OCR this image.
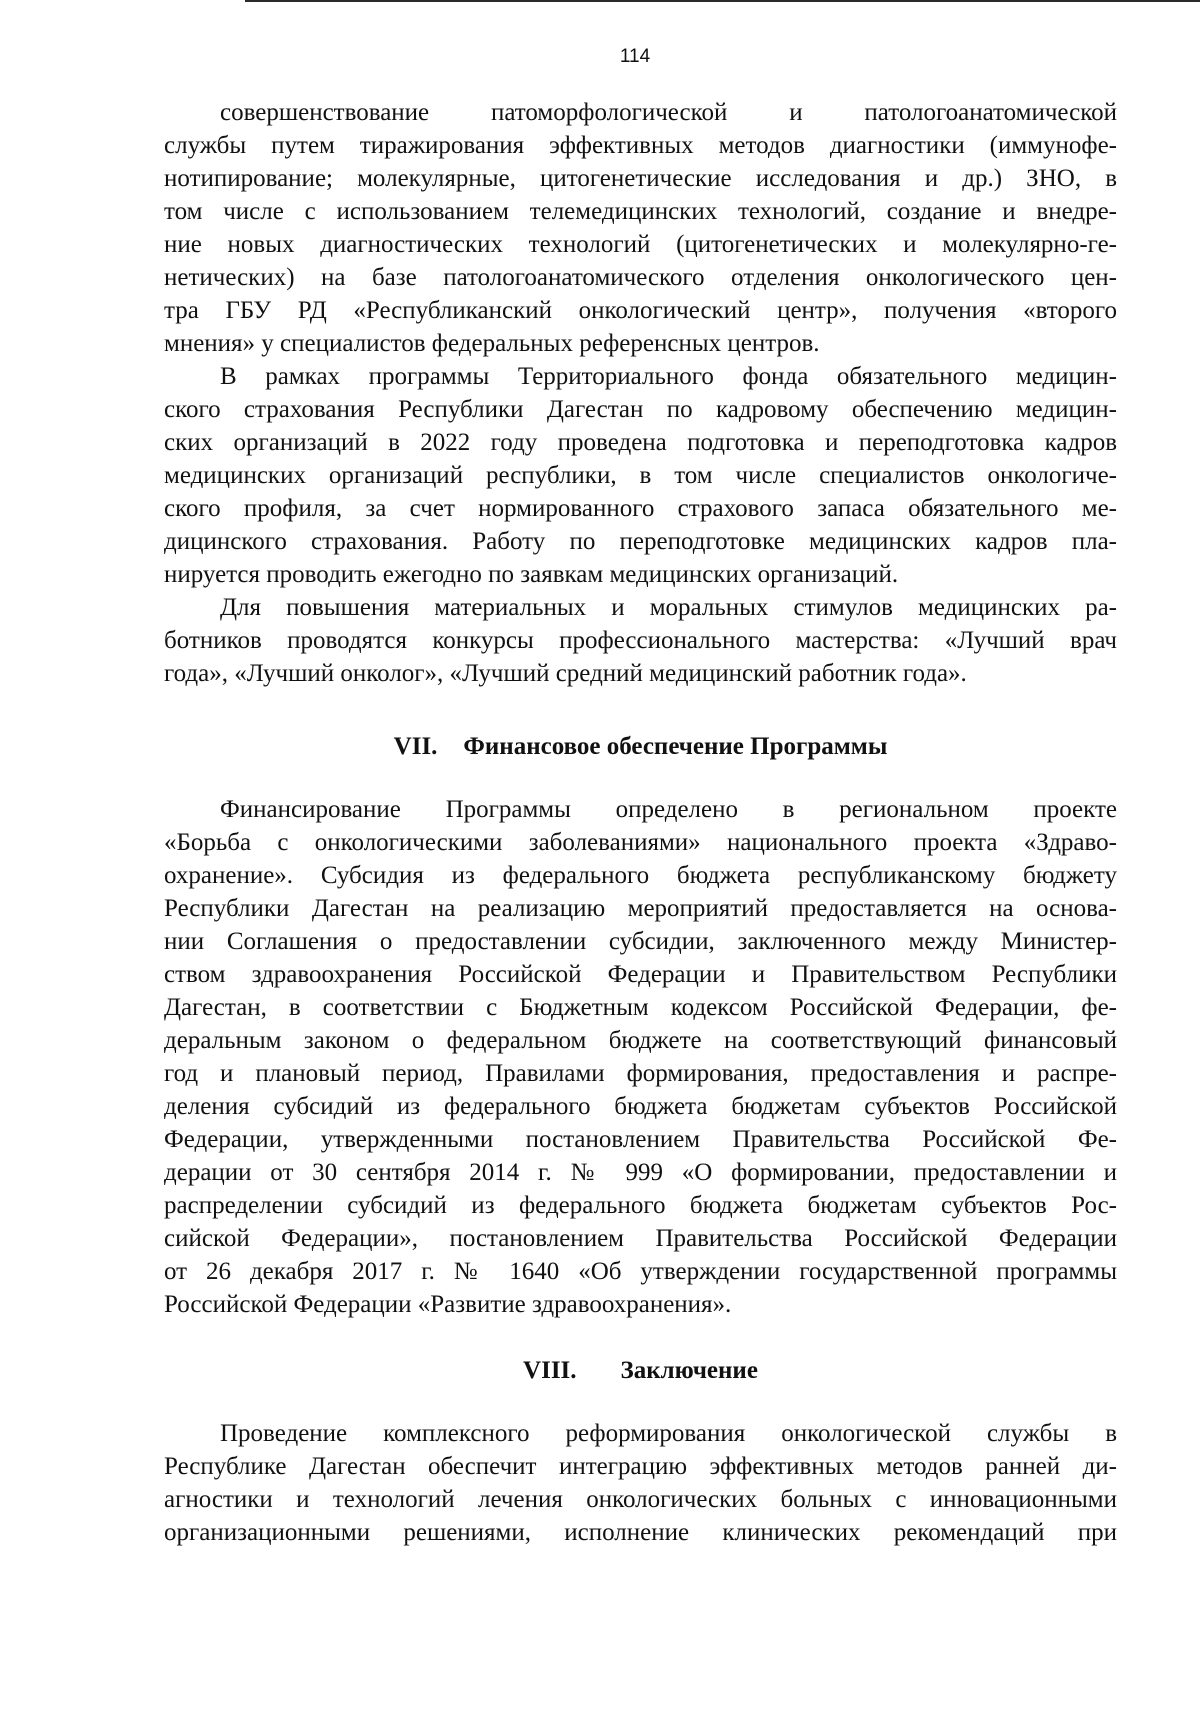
114
совершенствование патоморфологической и патологоанатомической
службы путем тиражирования эффективных методов диагностики (иммунофе-
нотипирование; молекулярные, цитогенетические исследования и др.) ЗНО, в
том числе с использованием телемедицинских технологий, создание и внедре-
ние новых диагностических технологий (цитогенетических и молекулярно-ге-
нетических) на базе патологоанатомического отделения онкологического цен-
тра ГБУ РД «Республиканский онкологический центр», получения «второго
мнения» у специалистов федеральных референсных центров.
В рамках программы Территориального фонда обязательного медицин-
ского страхования Республики Дагестан по кадровому обеспечению медицин-
ских организаций в 2022 году проведена подготовка и переподготовка кадров
медицинских организаций республики, в том числе специалистов онкологиче-
ского профиля, за счет нормированного страхового запаса обязательного ме-
дицинского страхования. Работу по переподготовке медицинских кадров пла-
нируется проводить ежегодно по заявкам медицинских организаций.
Для повышения материальных и моральных стимулов медицинских ра-
ботников проводятся конкурсы профессионального мастерства: «Лучший врач
года», «Лучший онколог», «Лучший средний медицинский работник года».
VII. Финансовое обеспечение Программы
Финансирование Программы определено в региональном проекте
«Борьба с онкологическими заболеваниями» национального проекта «Здраво-
охранение». Субсидия из федерального бюджета республиканскому бюджету
Республики Дагестан на реализацию мероприятий предоставляется на основа-
нии Соглашения о предоставлении субсидии, заключенного между Министер-
ством здравоохранения Российской Федерации и Правительством Республики
Дагестан, в соответствии с Бюджетным кодексом Российской Федерации, фе-
деральным законом о федеральном бюджете на соответствующий финансовый
год и плановый период, Правилами формирования, предоставления и распре-
деления субсидий из федерального бюджета бюджетам субъектов Российской
Федерации, утвержденными постановлением Правительства Российской Фе-
дерации от 30 сентября 2014 г. № 999 «О формировании, предоставлении и
распределении субсидий из федерального бюджета бюджетам субъектов Рос-
сийской Федерации», постановлением Правительства Российской Федерации
от 26 декабря 2017 г. № 1640 «Об утверждении государственной программы
Российской Федерации «Развитие здравоохранения».
VIII. Заключение
Проведение комплексного реформирования онкологической службы в
Республике Дагестан обеспечит интеграцию эффективных методов ранней ди-
агностики и технологий лечения онкологических больных с инновационными
организационными решениями, исполнение клинических рекомендаций при
